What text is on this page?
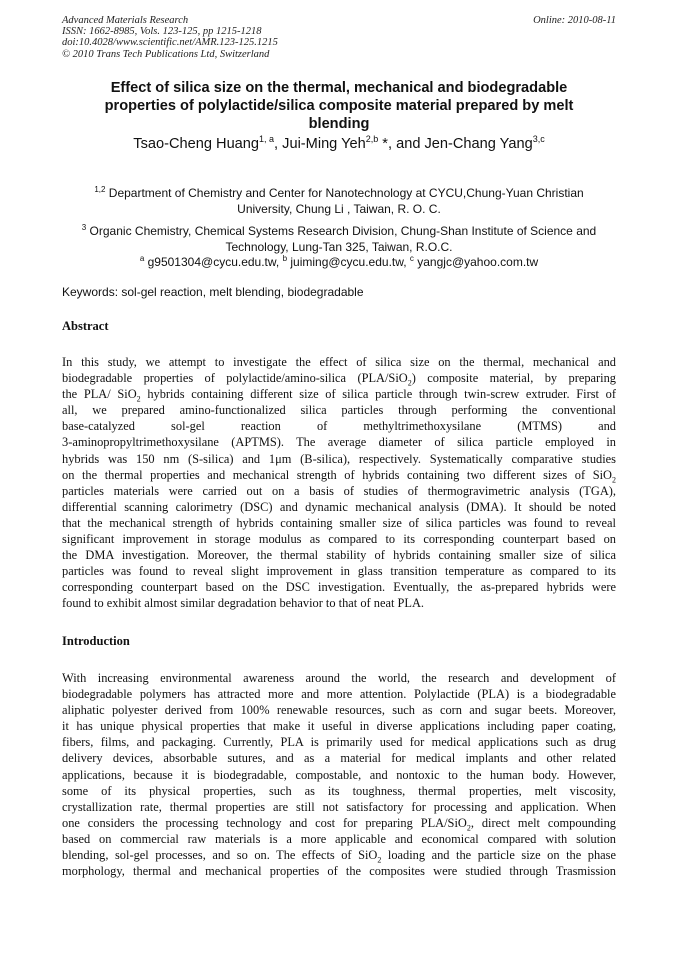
Advanced Materials Research
ISSN: 1662-8985, Vols. 123-125, pp 1215-1218
doi:10.4028/www.scientific.net/AMR.123-125.1215
© 2010 Trans Tech Publications Ltd, Switzerland
Online: 2010-08-11
Effect of silica size on the thermal, mechanical and biodegradable
properties of polylactide/silica composite material prepared by melt
blending
Tsao-Cheng Huang$^{1, a}$, Jui-Ming Yeh$^{2,b}$ *, and Jen-Chang Yang$^{3,c}$
$^{1,2}$ Department of Chemistry and Center for Nanotechnology at CYCU,Chung-Yuan Christian
University, Chung Li , Taiwan, R. O. C.
$^3$ Organic Chemistry, Chemical Systems Research Division, Chung-Shan Institute of Science and
Technology, Lung-Tan 325, Taiwan, R.O.C.
$^a$ g9501304@cycu.edu.tw, $^b$ juiming@cycu.edu.tw, $^c$ yangjc@yahoo.com.tw
Keywords: sol-gel reaction, melt blending, biodegradable
Abstract
In this study, we attempt to investigate the effect of silica size on the thermal, mechanical and
biodegradable properties of polylactide/amino-silica (PLA/SiO$_2$) composite material, by preparing
the PLA/ SiO$_2$ hybrids containing different size of silica particle through twin-screw extruder. First of
all, we prepared amino-functionalized silica particles through performing the conventional
base-catalyzed sol-gel reaction of methyltrimethoxysilane (MTMS) and
3-aminopropyltrimethoxysilane (APTMS). The average diameter of silica particle employed in
hybrids was 150 nm (S-silica) and 1μm (B-silica), respectively. Systematically comparative studies
on the thermal properties and mechanical strength of hybrids containing two different sizes of SiO$_2$
particles materials were carried out on a basis of studies of thermogravimetric analysis (TGA),
differential scanning calorimetry (DSC) and dynamic mechanical analysis (DMA). It should be noted
that the mechanical strength of hybrids containing smaller size of silica particles was found to reveal
significant improvement in storage modulus as compared to its corresponding counterpart based on
the DMA investigation. Moreover, the thermal stability of hybrids containing smaller size of silica
particles was found to reveal slight improvement in glass transition temperature as compared to its
corresponding counterpart based on the DSC investigation. Eventually, the as-prepared hybrids were
found to exhibit almost similar degradation behavior to that of neat PLA.
Introduction
With increasing environmental awareness around the world, the research and development of
biodegradable polymers has attracted more and more attention. Polylactide (PLA) is a biodegradable
aliphatic polyester derived from 100% renewable resources, such as corn and sugar beets. Moreover,
it has unique physical properties that make it useful in diverse applications including paper coating,
fibers, films, and packaging. Currently, PLA is primarily used for medical applications such as drug
delivery devices, absorbable sutures, and as a material for medical implants and other related
applications, because it is biodegradable, compostable, and nontoxic to the human body. However,
some of its physical properties, such as its toughness, thermal properties, melt viscosity,
crystallization rate, thermal properties are still not satisfactory for processing and application. When
one considers the processing technology and cost for preparing PLA/SiO$_2$, direct melt compounding
based on commercial raw materials is a more applicable and economical compared with solution
blending, sol-gel processes, and so on. The effects of SiO$_2$ loading and the particle size on the phase
morphology, thermal and mechanical properties of the composites were studied through Trasmission
